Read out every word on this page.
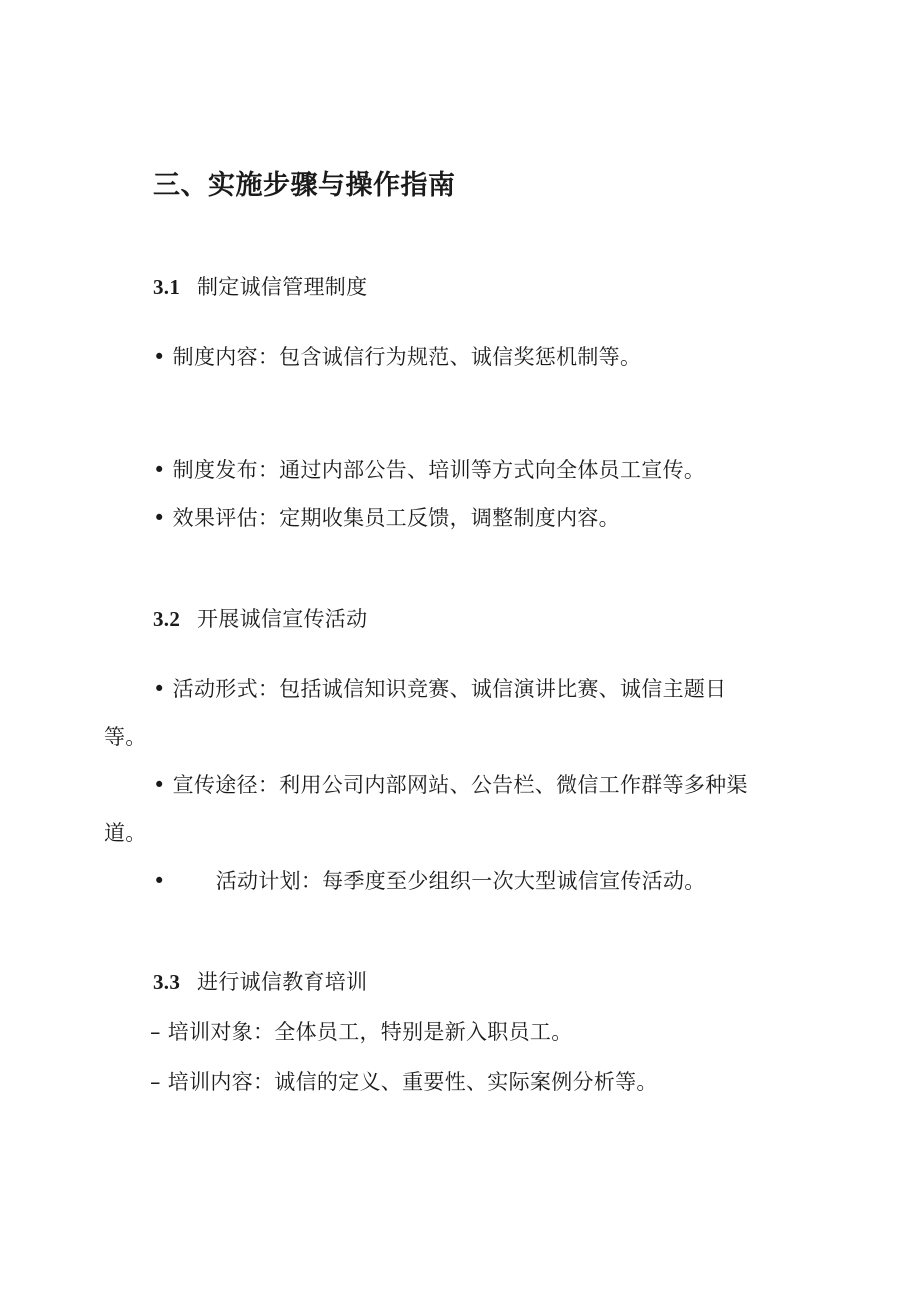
三、实施步骤与操作指南
3.1 制定诚信管理制度
• 制度内容：包含诚信行为规范、诚信奖惩机制等。
• 制度发布：通过内部公告、培训等方式向全体员工宣传。
• 效果评估：定期收集员工反馈，调整制度内容。
3.2 开展诚信宣传活动
• 活动形式：包括诚信知识竞赛、诚信演讲比赛、诚信主题日
等。
• 宣传途径：利用公司内部网站、公告栏、微信工作群等多种渠
道。
• 活动计划：每季度至少组织一次大型诚信宣传活动。
3.3 进行诚信教育培训
– 培训对象：全体员工，特别是新入职员工。
– 培训内容：诚信的定义、重要性、实际案例分析等。
